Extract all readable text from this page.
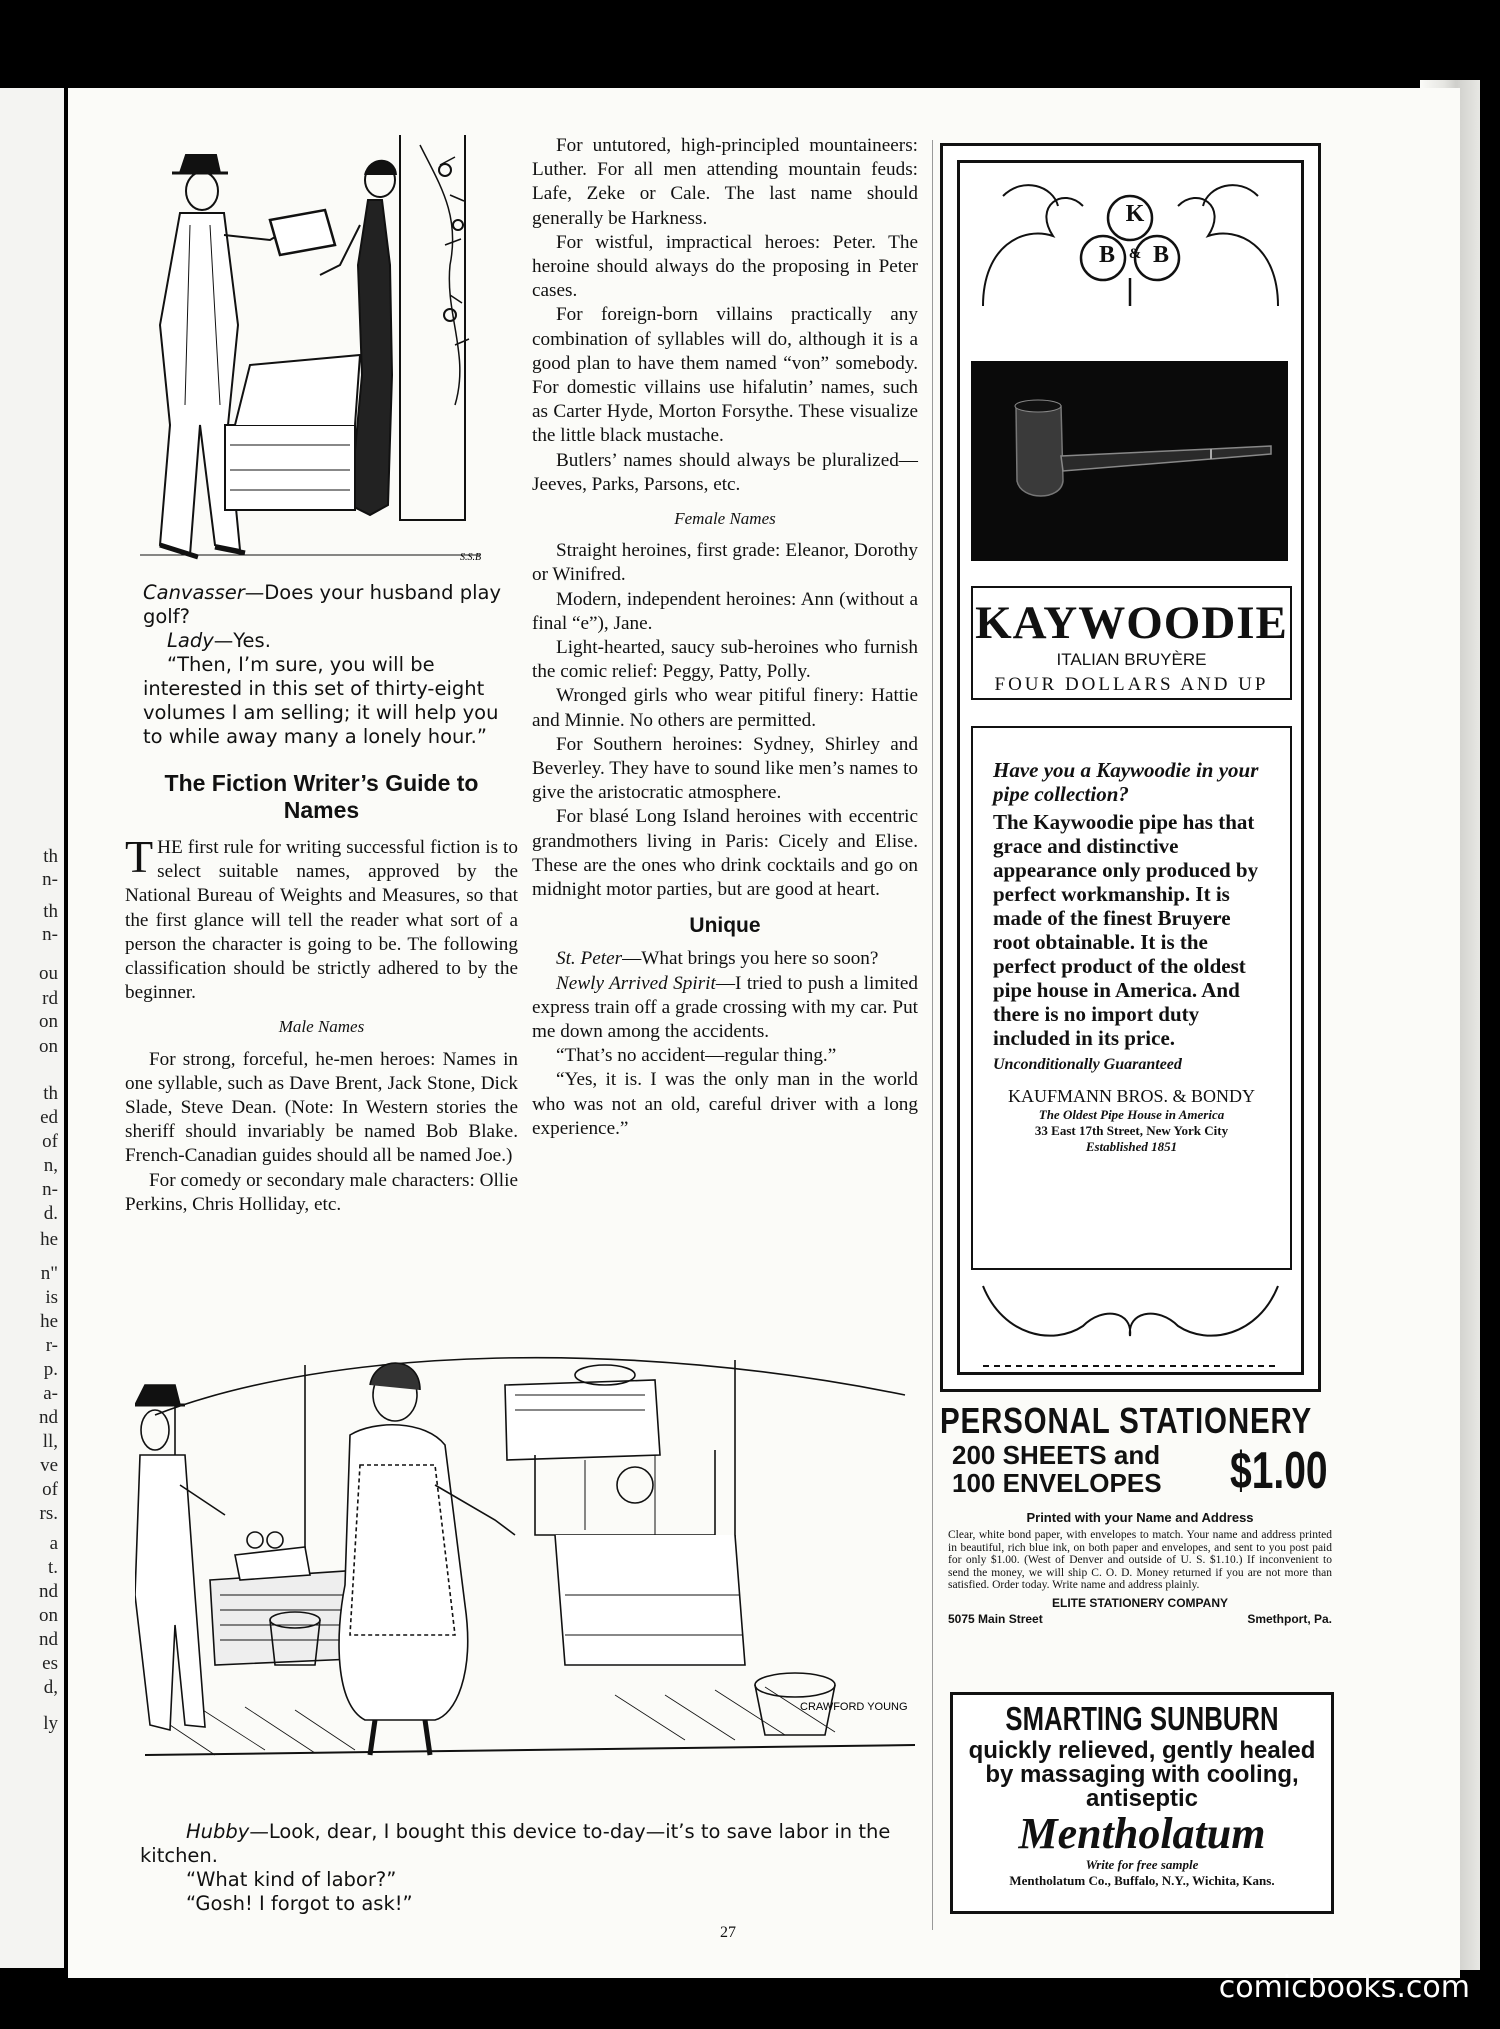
th
n-
th
n-
ou
rd
on
on
th
ed
of
n,
n-
d.
he
n"
is
he
r-
p.
a-
nd
ll,
ve
of
rs.
a
t.
nd
on
nd
es
d,
ly
S.S.B

Canvasser—Does your husband play golf?

Lady—Yes.

“Then, I’m sure, you will be interested in this set of thirty-eight volumes I am selling; it will help you to while away many a lonely hour.”

The Fiction Writer’s Guide to Names

THE first rule for writing successful fiction is to select suitable names, approved by the National Bureau of Weights and Measures, so that the first glance will tell the reader what sort of a person the character is going to be. The following classification should be strictly adhered to by the beginner.

Male Names

For strong, forceful, he-men heroes: Names in one syllable, such as Dave Brent, Jack Stone, Dick Slade, Steve Dean. (Note: In Western stories the sheriff should invariably be named Bob Blake. French-Canadian guides should all be named Joe.)

For comedy or secondary male characters: Ollie Perkins, Chris Holliday, etc.

For untutored, high-principled mountaineers: Luther. For all men attending mountain feuds: Lafe, Zeke or Cale. The last name should generally be Harkness.

For wistful, impractical heroes: Peter. The heroine should always do the proposing in Peter cases.

For foreign-born villains practically any combination of syllables will do, although it is a good plan to have them named “von” somebody. For domestic villains use hifalutin’ names, such as Carter Hyde, Morton Forsythe. These visualize the little black mustache.

Butlers’ names should always be pluralized—Jeeves, Parks, Parsons, etc.

Female Names

Straight heroines, first grade: Eleanor, Dorothy or Winifred.

Modern, independent heroines: Ann (without a final “e”), Jane.

Light-hearted, saucy sub-heroines who furnish the comic relief: Peggy, Patty, Polly.

Wronged girls who wear pitiful finery: Hattie and Minnie. No others are permitted.

For Southern heroines: Sydney, Shirley and Beverley. They have to sound like men’s names to give the aristocratic atmosphere.

For blasé Long Island heroines with eccentric grandmothers living in Paris: Cicely and Elise. These are the ones who drink cocktails and go on midnight motor parties, but are good at heart.

Unique

St. Peter—What brings you here so soon?

Newly Arrived Spirit—I tried to push a limited express train off a grade crossing with my car. Put me down among the accidents.

“That’s no accident—regular thing.”

“Yes, it is. I was the only man in the world who was not an old, careful driver with a long experience.”

CRAWFORD YOUNG

Hubby—Look, dear, I bought this device to-day—it’s to save labor in the kitchen.

“What kind of labor?”

“Gosh! I forgot to ask!”

27
K
B & B
KAYWOODIE
ITALIAN BRUYÈRE
FOUR DOLLARS AND UP
Have you a Kaywoodie in your pipe collection?
The Kaywoodie pipe has that grace and distinctive appearance only produced by perfect workmanship. It is made of the finest Bruyere root obtainable. It is the perfect product of the oldest pipe house in America. And there is no import duty included in its price.
Unconditionally Guaranteed
KAUFMANN BROS. & BONDY
The Oldest Pipe House in America
33 East 17th Street, New York City
Established 1851
PERSONAL STATIONERY
200 SHEETS and
100 ENVELOPES $1.00
Printed with your Name and Address
Clear, white bond paper, with envelopes to match. Your name and address printed in beautiful, rich blue ink, on both paper and envelopes, and sent to you post paid for only $1.00. (West of Denver and outside of U. S. $1.10.) If inconvenient to send the money, we will ship C. O. D. Money returned if you are not more than satisfied. Order today. Write name and address plainly.
ELITE STATIONERY COMPANY
5075 Main Street	Smethport, Pa.
SMARTING SUNBURN
quickly relieved, gently healed by massaging with cooling, antiseptic
Mentholatum
Write for free sample
Mentholatum Co., Buffalo, N.Y., Wichita, Kans.
comicbooks.com
